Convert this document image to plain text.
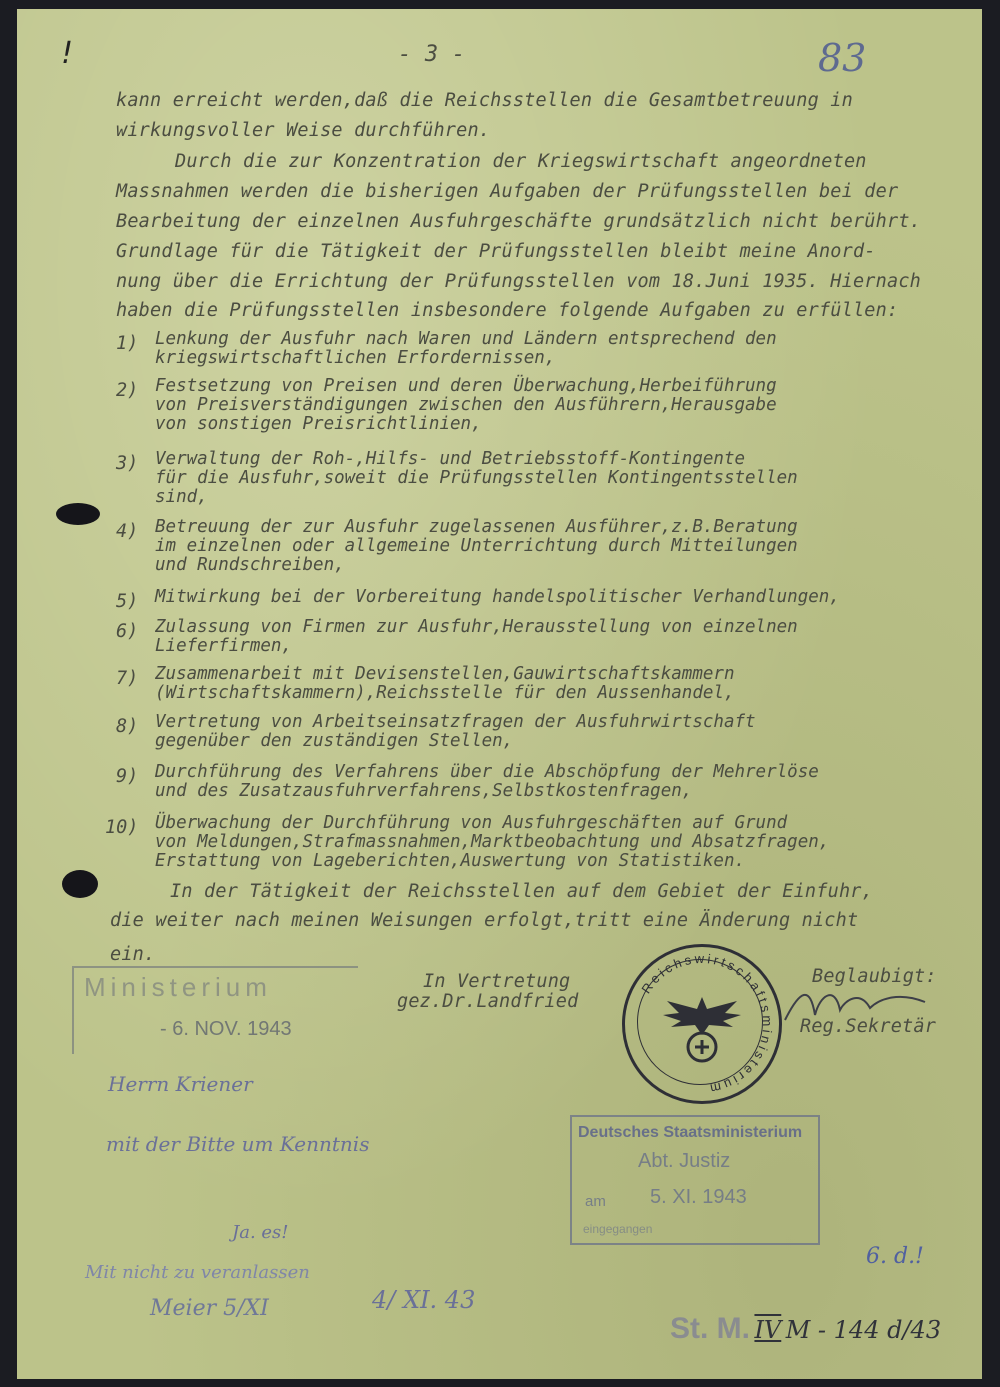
!	- 3 -	83
kann erreicht werden,daß die Reichsstellen die Gesamtbetreuung in
wirkungsvoller Weise durchführen.
Durch die zur Konzentration der Kriegswirtschaft angeordneten
Massnahmen werden die bisherigen Aufgaben der Prüfungsstellen bei der
Bearbeitung der einzelnen Ausfuhrgeschäfte grundsätzlich nicht berührt.
Grundlage für die Tätigkeit der Prüfungsstellen bleibt meine Anord-
nung über die Errichtung der Prüfungsstellen vom 18.Juni 1935. Hiernach
haben die Prüfungsstellen insbesondere folgende Aufgaben zu erfüllen:
1) Lenkung der Ausfuhr nach Waren und Ländern entsprechend den
kriegswirtschaftlichen Erfordernissen,
2) Festsetzung von Preisen und deren Überwachung,Herbeiführung
von Preisverständigungen zwischen den Ausführern,Herausgabe
von sonstigen Preisrichtlinien,
3) Verwaltung der Roh-,Hilfs- und Betriebsstoff-Kontingente
für die Ausfuhr,soweit die Prüfungsstellen Kontingentsstellen
sind,
4) Betreuung der zur Ausfuhr zugelassenen Ausführer,z.B.Beratung
im einzelnen oder allgemeine Unterrichtung durch Mitteilungen
und Rundschreiben,
5) Mitwirkung bei der Vorbereitung handelspolitischer Verhandlungen,
6) Zulassung von Firmen zur Ausfuhr,Herausstellung von einzelnen
Lieferfirmen,
7) Zusammenarbeit mit Devisenstellen,Gauwirtschaftskammern
(Wirtschaftskammern),Reichsstelle für den Aussenhandel,
8) Vertretung von Arbeitseinsatzfragen der Ausfuhrwirtschaft
gegenüber den zuständigen Stellen,
9) Durchführung des Verfahrens über die Abschöpfung der Mehrerlöse
und des Zusatzausfuhrverfahrens,Selbstkostenfragen,
10) Überwachung der Durchführung von Ausfuhrgeschäften auf Grund
von Meldungen,Strafmassnahmen,Marktbeobachtung und Absatzfragen,
Erstattung von Lageberichten,Auswertung von Statistiken.
In der Tätigkeit der Reichsstellen auf dem Gebiet der Einfuhr,
die weiter nach meinen Weisungen erfolgt,tritt eine Änderung nicht
ein.
Ministerium
- 6. NOV. 1943
In Vertretung
gez.Dr.Landfried
Beglaubigt:
Reg.Sekretär
Reichswirtschaftsministerium
Deutsches Staatsministerium
Abt. Justiz
am 5. XI. 1943
eingegangen
Herrn Kriener
mit der Bitte um Kenntnis
Ja. es!
Mit nicht zu veranlassen
Meier 5/XI	4/ XI. 43
6. d.!
St. M. IV M - 144 d/43
